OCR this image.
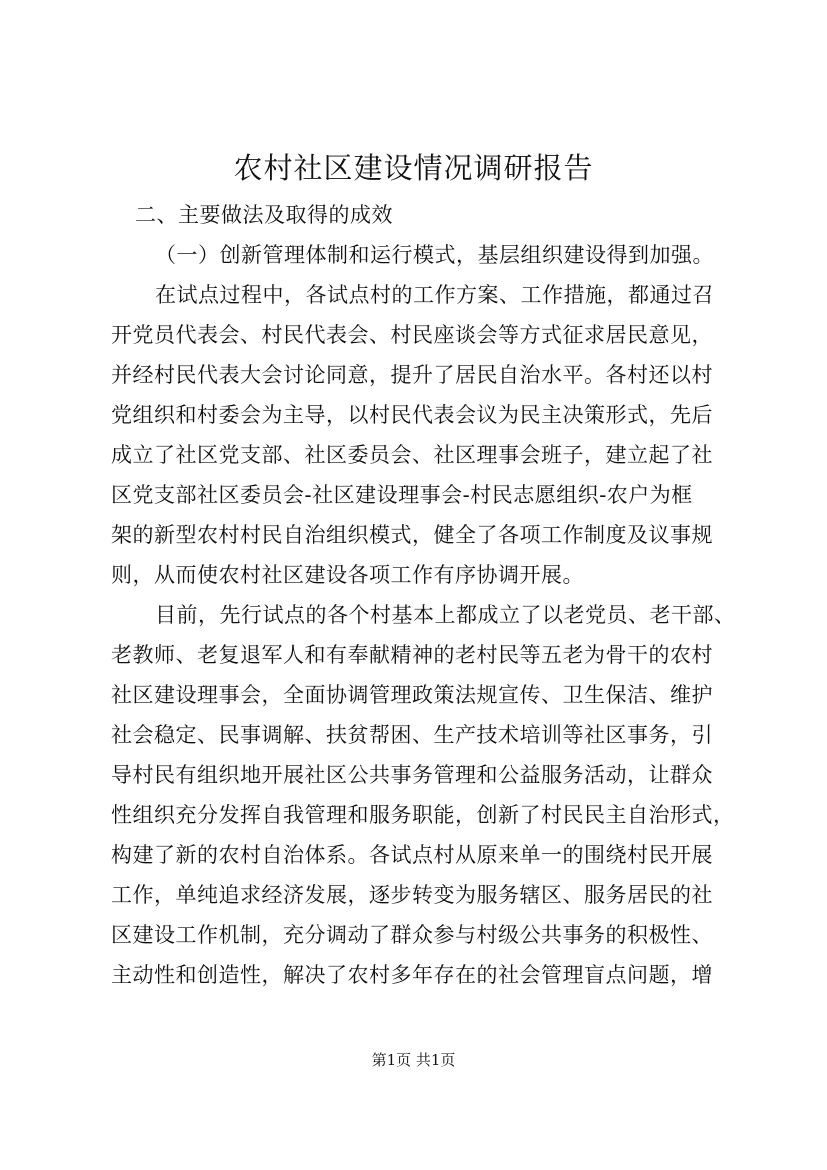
农村社区建设情况调研报告
二、主要做法及取得的成效
（一）创新管理体制和运行模式，基层组织建设得到加强。
在试点过程中，各试点村的工作方案、工作措施，都通过召
开党员代表会、村民代表会、村民座谈会等方式征求居民意见，
并经村民代表大会讨论同意，提升了居民自治水平。各村还以村
党组织和村委会为主导，以村民代表会议为民主决策形式，先后
成立了社区党支部、社区委员会、社区理事会班子，建立起了社
区党支部社区委员会-社区建设理事会-村民志愿组织-农户为框
架的新型农村村民自治组织模式，健全了各项工作制度及议事规
则，从而使农村社区建设各项工作有序协调开展。
目前，先行试点的各个村基本上都成立了以老党员、老干部、
老教师、老复退军人和有奉献精神的老村民等五老为骨干的农村
社区建设理事会，全面协调管理政策法规宣传、卫生保洁、维护
社会稳定、民事调解、扶贫帮困、生产技术培训等社区事务，引
导村民有组织地开展社区公共事务管理和公益服务活动，让群众
性组织充分发挥自我管理和服务职能，创新了村民民主自治形式，
构建了新的农村自治体系。各试点村从原来单一的围绕村民开展
工作，单纯追求经济发展，逐步转变为服务辖区、服务居民的社
区建设工作机制，充分调动了群众参与村级公共事务的积极性、
主动性和创造性，解决了农村多年存在的社会管理盲点问题，增
第1页 共1页
